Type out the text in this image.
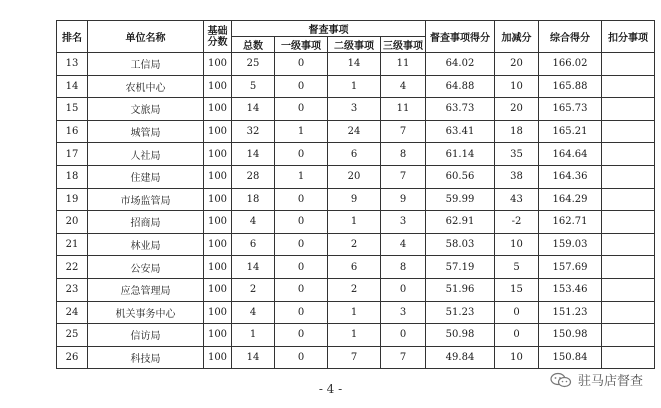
排名	单位名称	基础分数	督查事项				督查事项得分	加减分	综合得分	扣分事项
			总数	一级事项	二级事项	三级事项				
13	工信局	100	25	0	14	11	64.02	20	166.02	
14	农机中心	100	5	0	1	4	64.88	10	165.88	
15	文旅局	100	14	0	3	11	63.73	20	165.73	
16	城管局	100	32	1	24	7	63.41	18	165.21	
17	人社局	100	14	0	6	8	61.14	35	164.64	
18	住建局	100	28	1	20	7	60.56	38	164.36	
19	市场监管局	100	18	0	9	9	59.99	43	164.29	
20	招商局	100	4	0	1	3	62.91	-2	162.71	
21	林业局	100	6	0	2	4	58.03	10	159.03	
22	公安局	100	14	0	6	8	57.19	5	157.69	
23	应急管理局	100	2	0	2	0	51.96	15	153.46	
24	机关事务中心	100	4	0	1	3	51.23	0	151.23	
25	信访局	100	1	0	1	0	50.98	0	150.98	
26	科技局	100	14	0	7	7	49.84	10	150.84	
- 4 -	驻马店督查
